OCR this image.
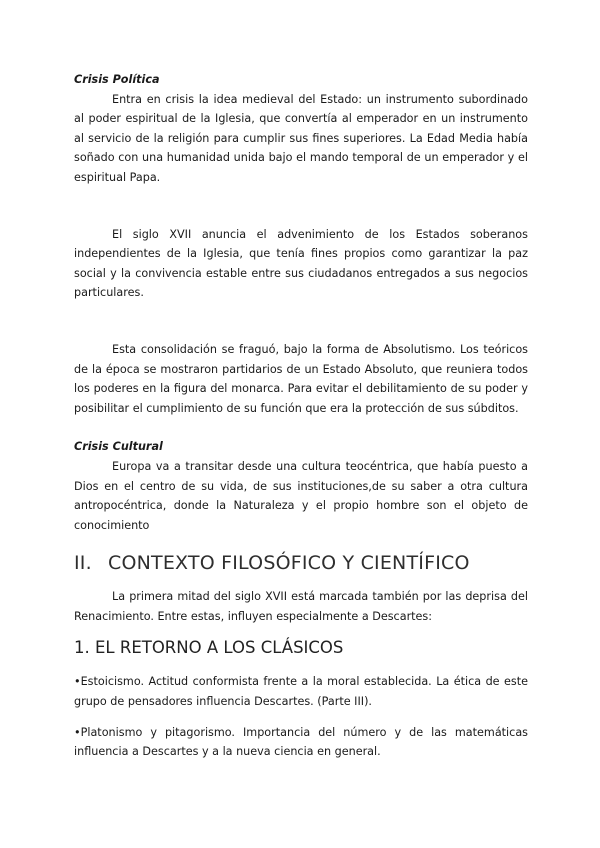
Crisis Política

Entra en crisis la idea medieval del Estado: un instrumento subordinado al poder espiritual de la Iglesia, que convertía al emperador en un instrumento al servicio de la religión para cumplir sus fines superiores. La Edad Media había soñado con una humanidad unida bajo el mando temporal de un emperador y el espiritual Papa.

El siglo XVII anuncia el advenimiento de los Estados soberanos independientes de la Iglesia, que tenía fines propios como garantizar la paz social y la convivencia estable entre sus ciudadanos entregados a sus negocios particulares.

Esta consolidación se fraguó, bajo la forma de Absolutismo. Los teóricos de la época se mostraron partidarios de un Estado Absoluto, que reuniera todos los poderes en la figura del monarca. Para evitar el debilitamiento de su poder y posibilitar el cumplimiento de su función que era la protección de sus súbditos.

Crisis Cultural

Europa va a transitar desde una cultura teocéntrica, que había puesto a Dios en el centro de su vida, de sus instituciones,de su saber a otra cultura antropocéntrica, donde la Naturaleza y el propio hombre son el objeto de conocimiento

II. CONTEXTO FILOSÓFICO Y CIENTÍFICO

La primera mitad del siglo XVII está marcada también por las deprisa del Renacimiento. Entre estas, influyen especialmente a Descartes:

1. EL RETORNO A LOS CLÁSICOS

•Estoicismo. Actitud conformista frente a la moral establecida. La ética de este grupo de pensadores influencia Descartes. (Parte III).

•Platonismo y pitagorismo. Importancia del número y de las matemáticas influencia a Descartes y a la nueva ciencia en general.
